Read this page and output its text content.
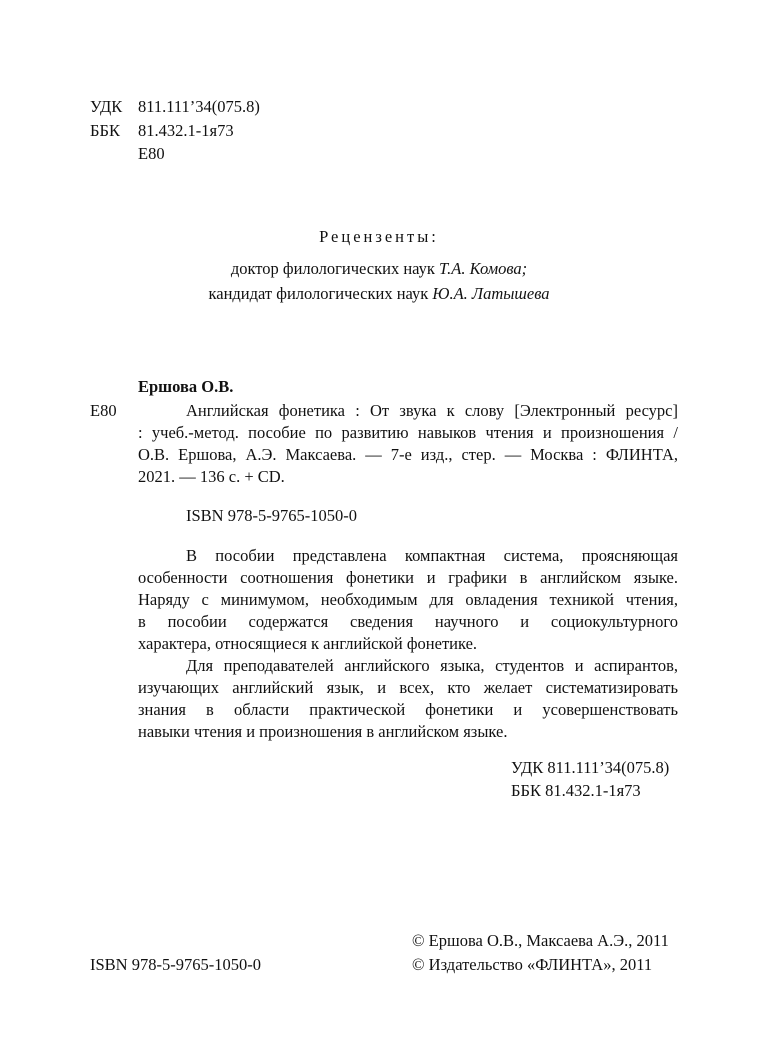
УДК 811.111’34(075.8)
ББК 81.432.1-1я73
Е80
Рецензенты:
доктор филологических наук Т.А. Комова;
кандидат филологических наук Ю.А. Латышева
Ершова О.В.
Е80	Английская фонетика : От звука к слову [Электронный ресурс]
: учеб.-метод. пособие по развитию навыков чтения и произношения /
О.В. Ершова, А.Э. Максаева. — 7-е изд., стер. — Москва : ФЛИНТА,
2021. — 136 с. + CD.
ISBN 978-5-9765-1050-0
В пособии представлена компактная система, проясняющая
особенности соотношения фонетики и графики в английском языке.
Наряду с минимумом, необходимым для овладения техникой чтения,
в пособии содержатся сведения научного и социокультурного
характера, относящиеся к английской фонетике.
Для преподавателей английского языка, студентов и аспирантов,
изучающих английский язык, и всех, кто желает систематизировать
знания в области практической фонетики и усовершенствовать
навыки чтения и произношения в английском языке.
УДК 811.111’34(075.8)
ББК 81.432.1-1я73
© Ершова О.В., Максаева А.Э., 2011
ISBN 978-5-9765-1050-0	© Издательство «ФЛИНТА», 2011
